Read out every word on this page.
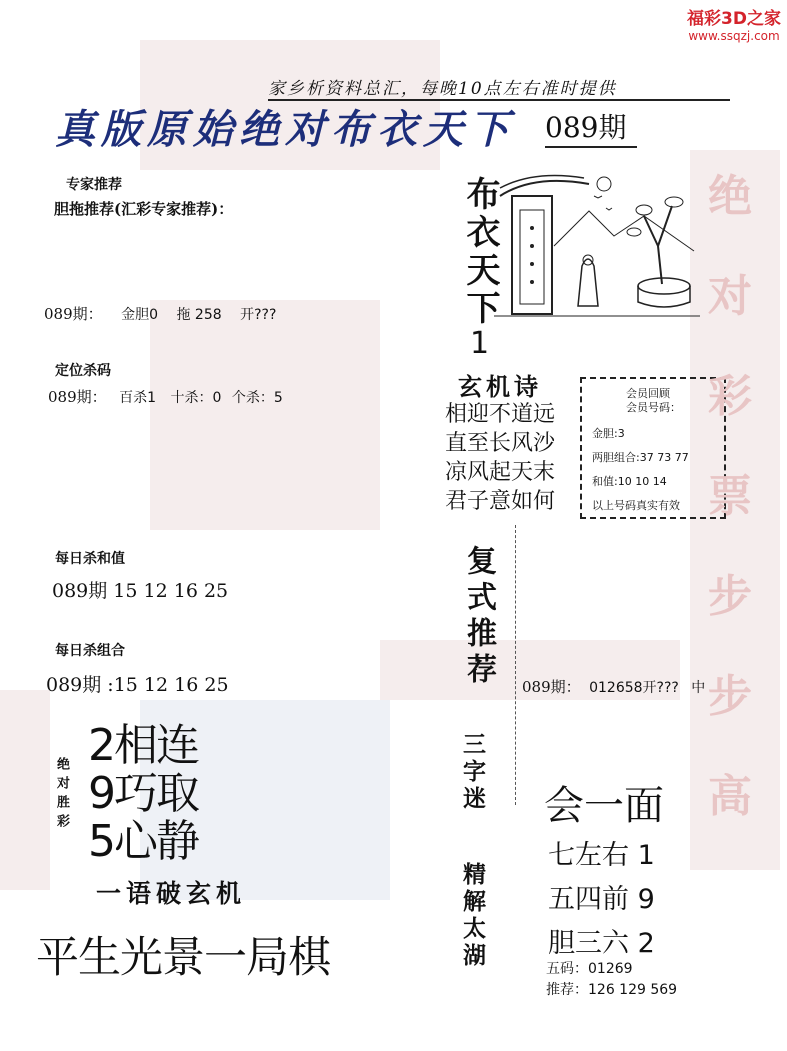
福彩3D之家
www.ssqzj.com
家乡析资料总汇，每晚10点左右准时提供
真版原始绝对布衣天下 089期
专家推荐
胆拖推荐(汇彩专家推荐)：
089期： 金胆0 拖 258 开???
定位杀码
089期： 百杀1 十杀：0 个杀：5
每日杀和值
089期 15 12 16 25
每日杀组合
089期 :15 12 16 25
绝对胜彩
2相连
9巧取
5心静
一语破玄机
平生光景一局棋
布衣天下
1
玄机诗
相迎不道远
直至长风沙
凉风起天末
君子意如何
会员回顾
会员号码：
金胆:3
两胆组合:37 73 77
和值:10 10 14
以上号码真实有效
复式推荐 089期： 012658开??? 中
三字迷
精解太湖
会一面
七左右 1
五四前 9
胆三六 2
五码：01269
推荐：126 129 569
绝
对
彩
票
步
步
高
